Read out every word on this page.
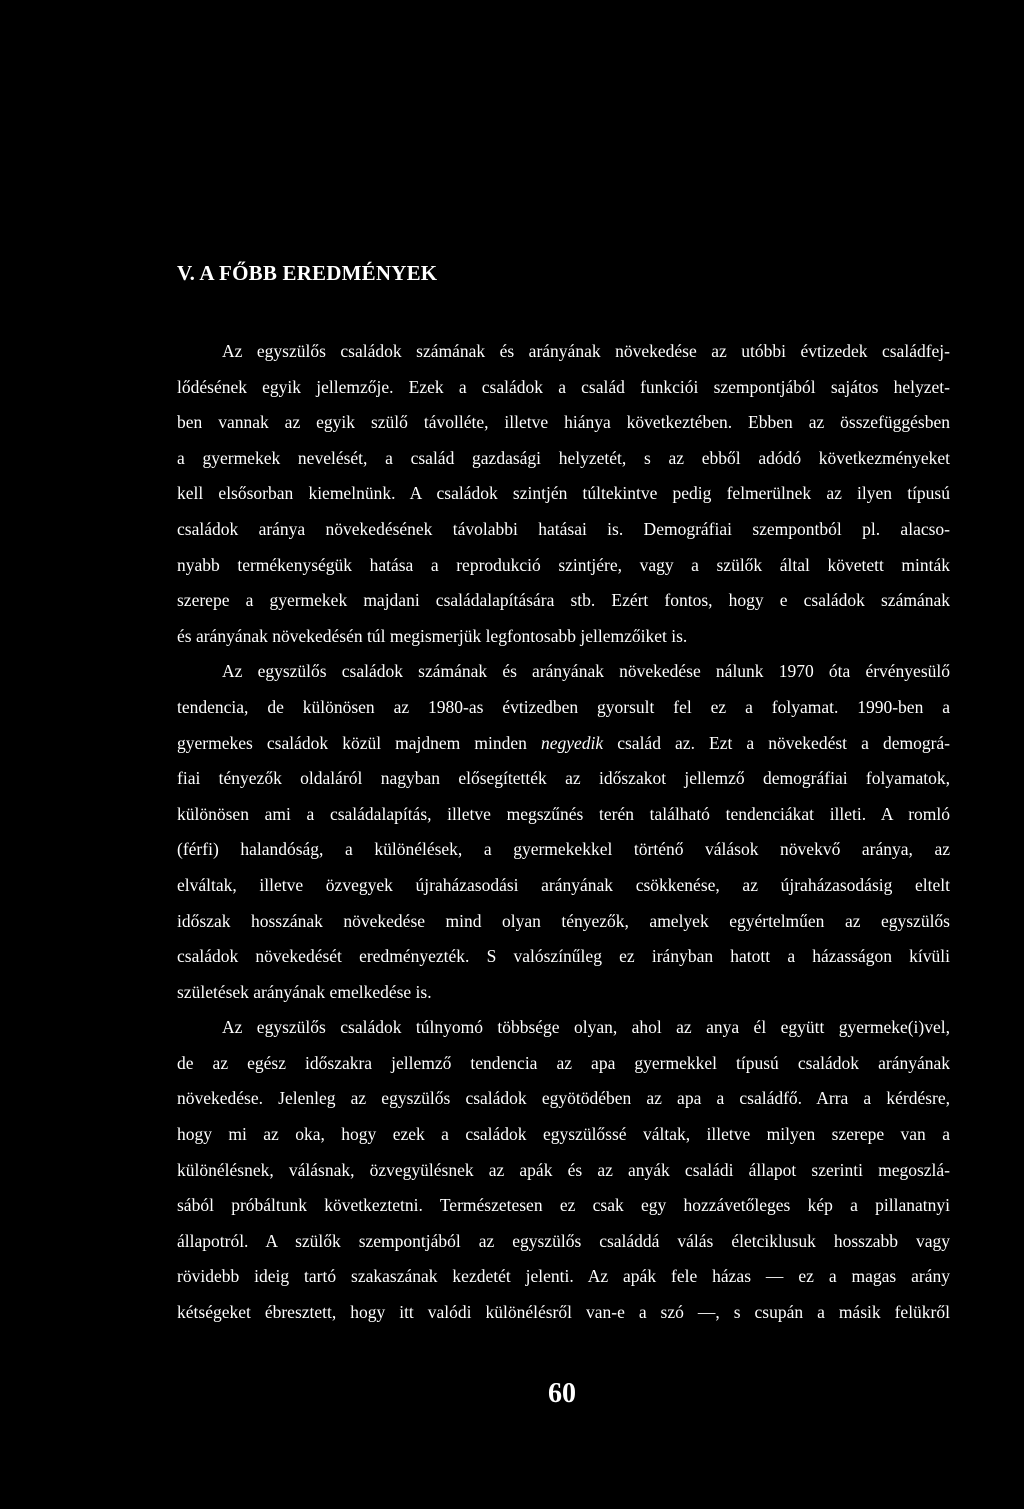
V. A FŐBB EREDMÉNYEK
Az egyszülős családok számának és arányának növekedése az utóbbi évtizedek családfej-
lődésének egyik jellemzője. Ezek a családok a család funkciói szempontjából sajátos helyzet-
ben vannak az egyik szülő távolléte, illetve hiánya következtében. Ebben az összefüggésben
a gyermekek nevelését, a család gazdasági helyzetét, s az ebből adódó következményeket
kell elsősorban kiemelnünk. A családok szintjén túltekintve pedig felmerülnek az ilyen típusú
családok aránya növekedésének távolabbi hatásai is. Demográfiai szempontból pl. alacso-
nyabb termékenységük hatása a reprodukció szintjére, vagy a szülők által követett minták
szerepe a gyermekek majdani családalapítására stb. Ezért fontos, hogy e családok számának
és arányának növekedésén túl megismerjük legfontosabb jellemzőiket is.
Az egyszülős családok számának és arányának növekedése nálunk 1970 óta érvényesülő
tendencia, de különösen az 1980-as évtizedben gyorsult fel ez a folyamat. 1990-ben a
gyermekes családok közül majdnem minden negyedik család az. Ezt a növekedést a demográ-
fiai tényezők oldaláról nagyban elősegítették az időszakot jellemző demográfiai folyamatok,
különösen ami a családalapítás, illetve megszűnés terén található tendenciákat illeti. A romló
(férfi) halandóság, a különélések, a gyermekekkel történő válások növekvő aránya, az
elváltak, illetve özvegyek újraházasodási arányának csökkenése, az újraházasodásig eltelt
időszak hosszának növekedése mind olyan tényezők, amelyek egyértelműen az egyszülős
családok növekedését eredményezték. S valószínűleg ez irányban hatott a házasságon kívüli
születések arányának emelkedése is.
Az egyszülős családok túlnyomó többsége olyan, ahol az anya él együtt gyermeke(i)vel,
de az egész időszakra jellemző tendencia az apa gyermekkel típusú családok arányának
növekedése. Jelenleg az egyszülős családok egyötödében az apa a családfő. Arra a kérdésre,
hogy mi az oka, hogy ezek a családok egyszülőssé váltak, illetve milyen szerepe van a
különélésnek, válásnak, özvegyülésnek az apák és az anyák családi állapot szerinti megoszlá-
sából próbáltunk következtetni. Természetesen ez csak egy hozzávetőleges kép a pillanatnyi
állapotról. A szülők szempontjából az egyszülős családdá válás életciklusuk hosszabb vagy
rövidebb ideig tartó szakaszának kezdetét jelenti. Az apák fele házas — ez a magas arány
kétségeket ébresztett, hogy itt valódi különélésről van-e a szó —, s csupán a másik felükről
60
